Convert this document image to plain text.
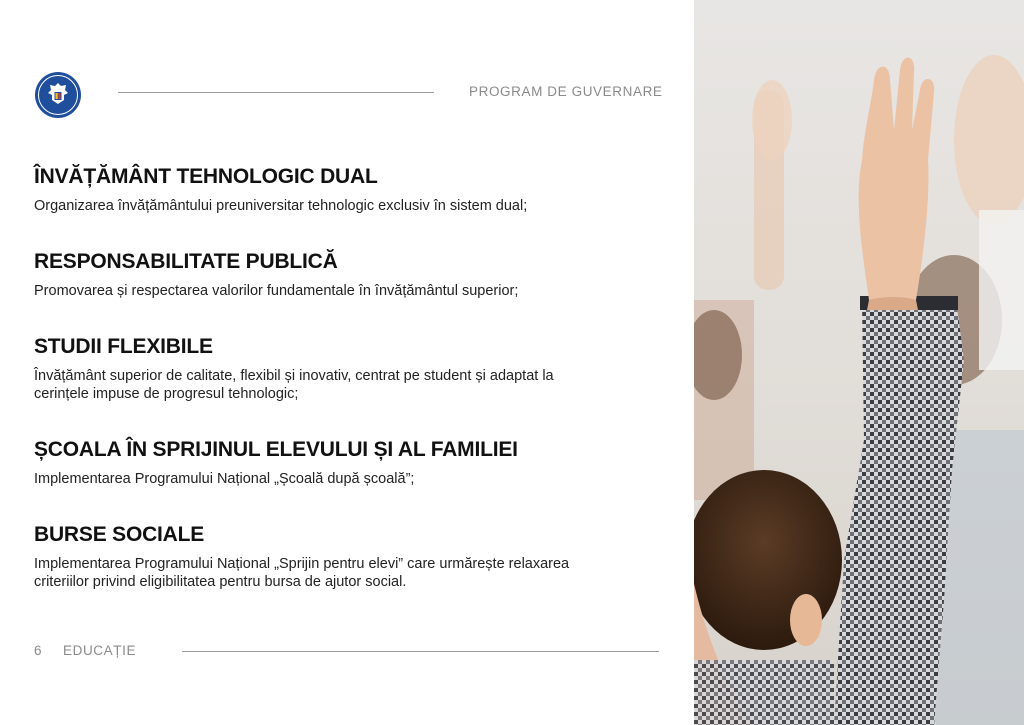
PROGRAM DE GUVERNARE
ÎNVĂȚĂMÂNT TEHNOLOGIC DUAL

Organizarea învățământului preuniversitar tehnologic exclusiv în sistem dual;

RESPONSABILITATE PUBLICĂ

Promovarea și respectarea valorilor fundamentale în învățământul superior;

STUDII FLEXIBILE

Învățământ superior de calitate, flexibil și inovativ, centrat pe student și adaptat la cerințele impuse de progresul tehnologic;

ȘCOALA ÎN SPRIJINUL ELEVULUI ȘI AL FAMILIEI

Implementarea Programului Național „Școală după școală”;

BURSE SOCIALE

Implementarea Programului Național „Sprijin pentru elevi” care urmărește relaxarea criteriilor privind eligibilitatea pentru bursa de ajutor social.

6 EDUCAȚIE
